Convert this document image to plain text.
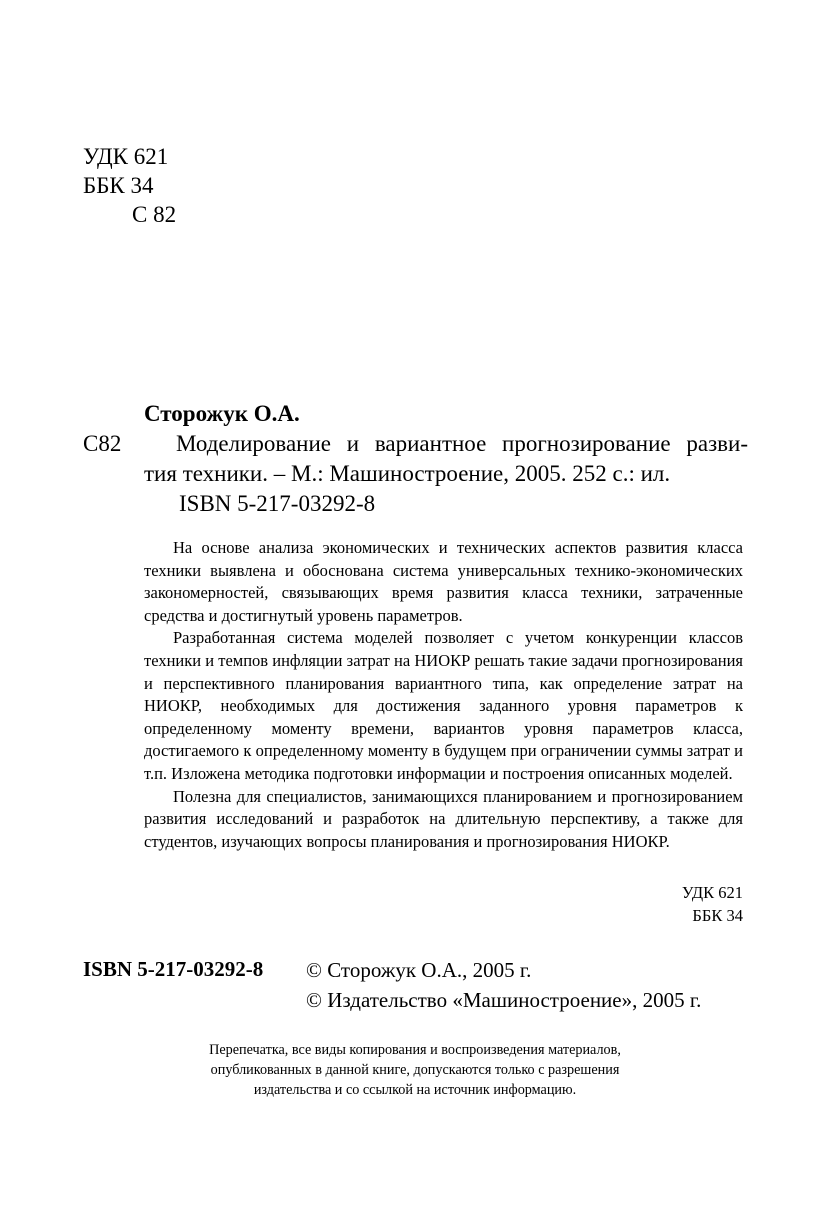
УДК 621
ББК 34
С 82
Сторожук О.А.
С82	Моделирование и вариантное прогнозирование разви-
тия техники. – М.: Машиностроение, 2005. 252 с.: ил.
ISBN 5-217-03292-8

На основе анализа экономических и технических аспектов развития класса техники выявлена и обоснована система универсальных технико-экономических закономерностей, связывающих время развития класса техники, затраченные средства и достигнутый уровень параметров.

Разработанная система моделей позволяет с учетом конкуренции классов техники и темпов инфляции затрат на НИОКР решать такие задачи прогнозирования и перспективного планирования вариантного типа, как определение затрат на НИОКР, необходимых для достижения заданного уровня параметров к определенному моменту времени, вариантов уровня параметров класса, достигаемого к определенному моменту в будущем при ограничении суммы затрат и т.п. Изложена методика подготовки информации и построения описанных моделей.

Полезна для специалистов, занимающихся планированием и прогнозированием развития исследований и разработок на длительную перспективу, а также для студентов, изучающих вопросы планирования и прогнозирования НИОКР.

УДК 621
ББК 34
ISBN 5-217-03292-8 © Сторожук О.А., 2005 г.
© Издательство «Машиностроение», 2005 г.
Перепечатка, все виды копирования и воспроизведения материалов,
опубликованных в данной книге, допускаются только с разрешения
издательства и со ссылкой на источник информацию.
